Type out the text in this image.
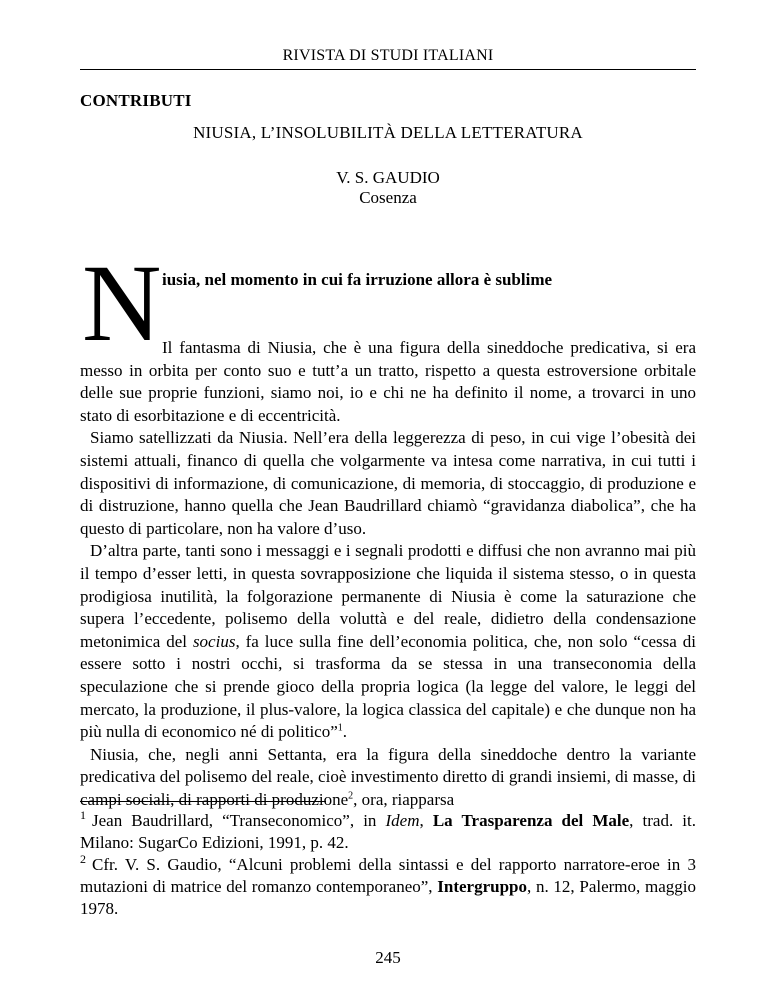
RIVISTA DI STUDI ITALIANI
CONTRIBUTI
NIUSIA, L’INSOLUBILITÀ DELLA LETTERATURA
V. S. GAUDIO
Cosenza
N iusia, nel momento in cui fa irruzione allora è sublime

Il fantasma di Niusia, che è una figura della sineddoche predicativa, si era messo in orbita per conto suo e tutt’a un tratto, rispetto a questa estroversione orbitale delle sue proprie funzioni, siamo noi, io e chi ne ha definito il nome, a trovarci in uno stato di esorbitazione e di eccentricità.

Siamo satellizzati da Niusia. Nell’era della leggerezza di peso, in cui vige l’obesità dei sistemi attuali, financo di quella che volgarmente va intesa come narrativa, in cui tutti i dispositivi di informazione, di comunicazione, di memoria, di stoccaggio, di produzione e di distruzione, hanno quella che Jean Baudrillard chiamò “gravidanza diabolica”, che ha questo di particolare, non ha valore d’uso.

D’altra parte, tanti sono i messaggi e i segnali prodotti e diffusi che non avranno mai più il tempo d’esser letti, in questa sovrapposizione che liquida il sistema stesso, o in questa prodigiosa inutilità, la folgorazione permanente di Niusia è come la saturazione che supera l’eccedente, polisemo della voluttà e del reale, didietro della condensazione metonimica del socius, fa luce sulla fine dell’economia politica, che, non solo “cessa di essere sotto i nostri occhi, si trasforma da se stessa in una transeconomia della speculazione che si prende gioco della propria logica (la legge del valore, le leggi del mercato, la produzione, il plus-valore, la logica classica del capitale) e che dunque non ha più nulla di economico né di politico”$^1$.

Niusia, che, negli anni Settanta, era la figura della sineddoche dentro la variante predicativa del polisemo del reale, cioè investimento diretto di grandi insiemi, di masse, di campi sociali, di rapporti di produzione$^2$, ora, riapparsa

$^1$ Jean Baudrillard, “Transeconomico”, in Idem, La Trasparenza del Male, trad. it. Milano: SugarCo Edizioni, 1991, p. 42.

$^2$ Cfr. V. S. Gaudio, “Alcuni problemi della sintassi e del rapporto narratore-eroe in 3 mutazioni di matrice del romanzo contemporaneo”, Intergruppo, n. 12, Palermo, maggio 1978.

245
